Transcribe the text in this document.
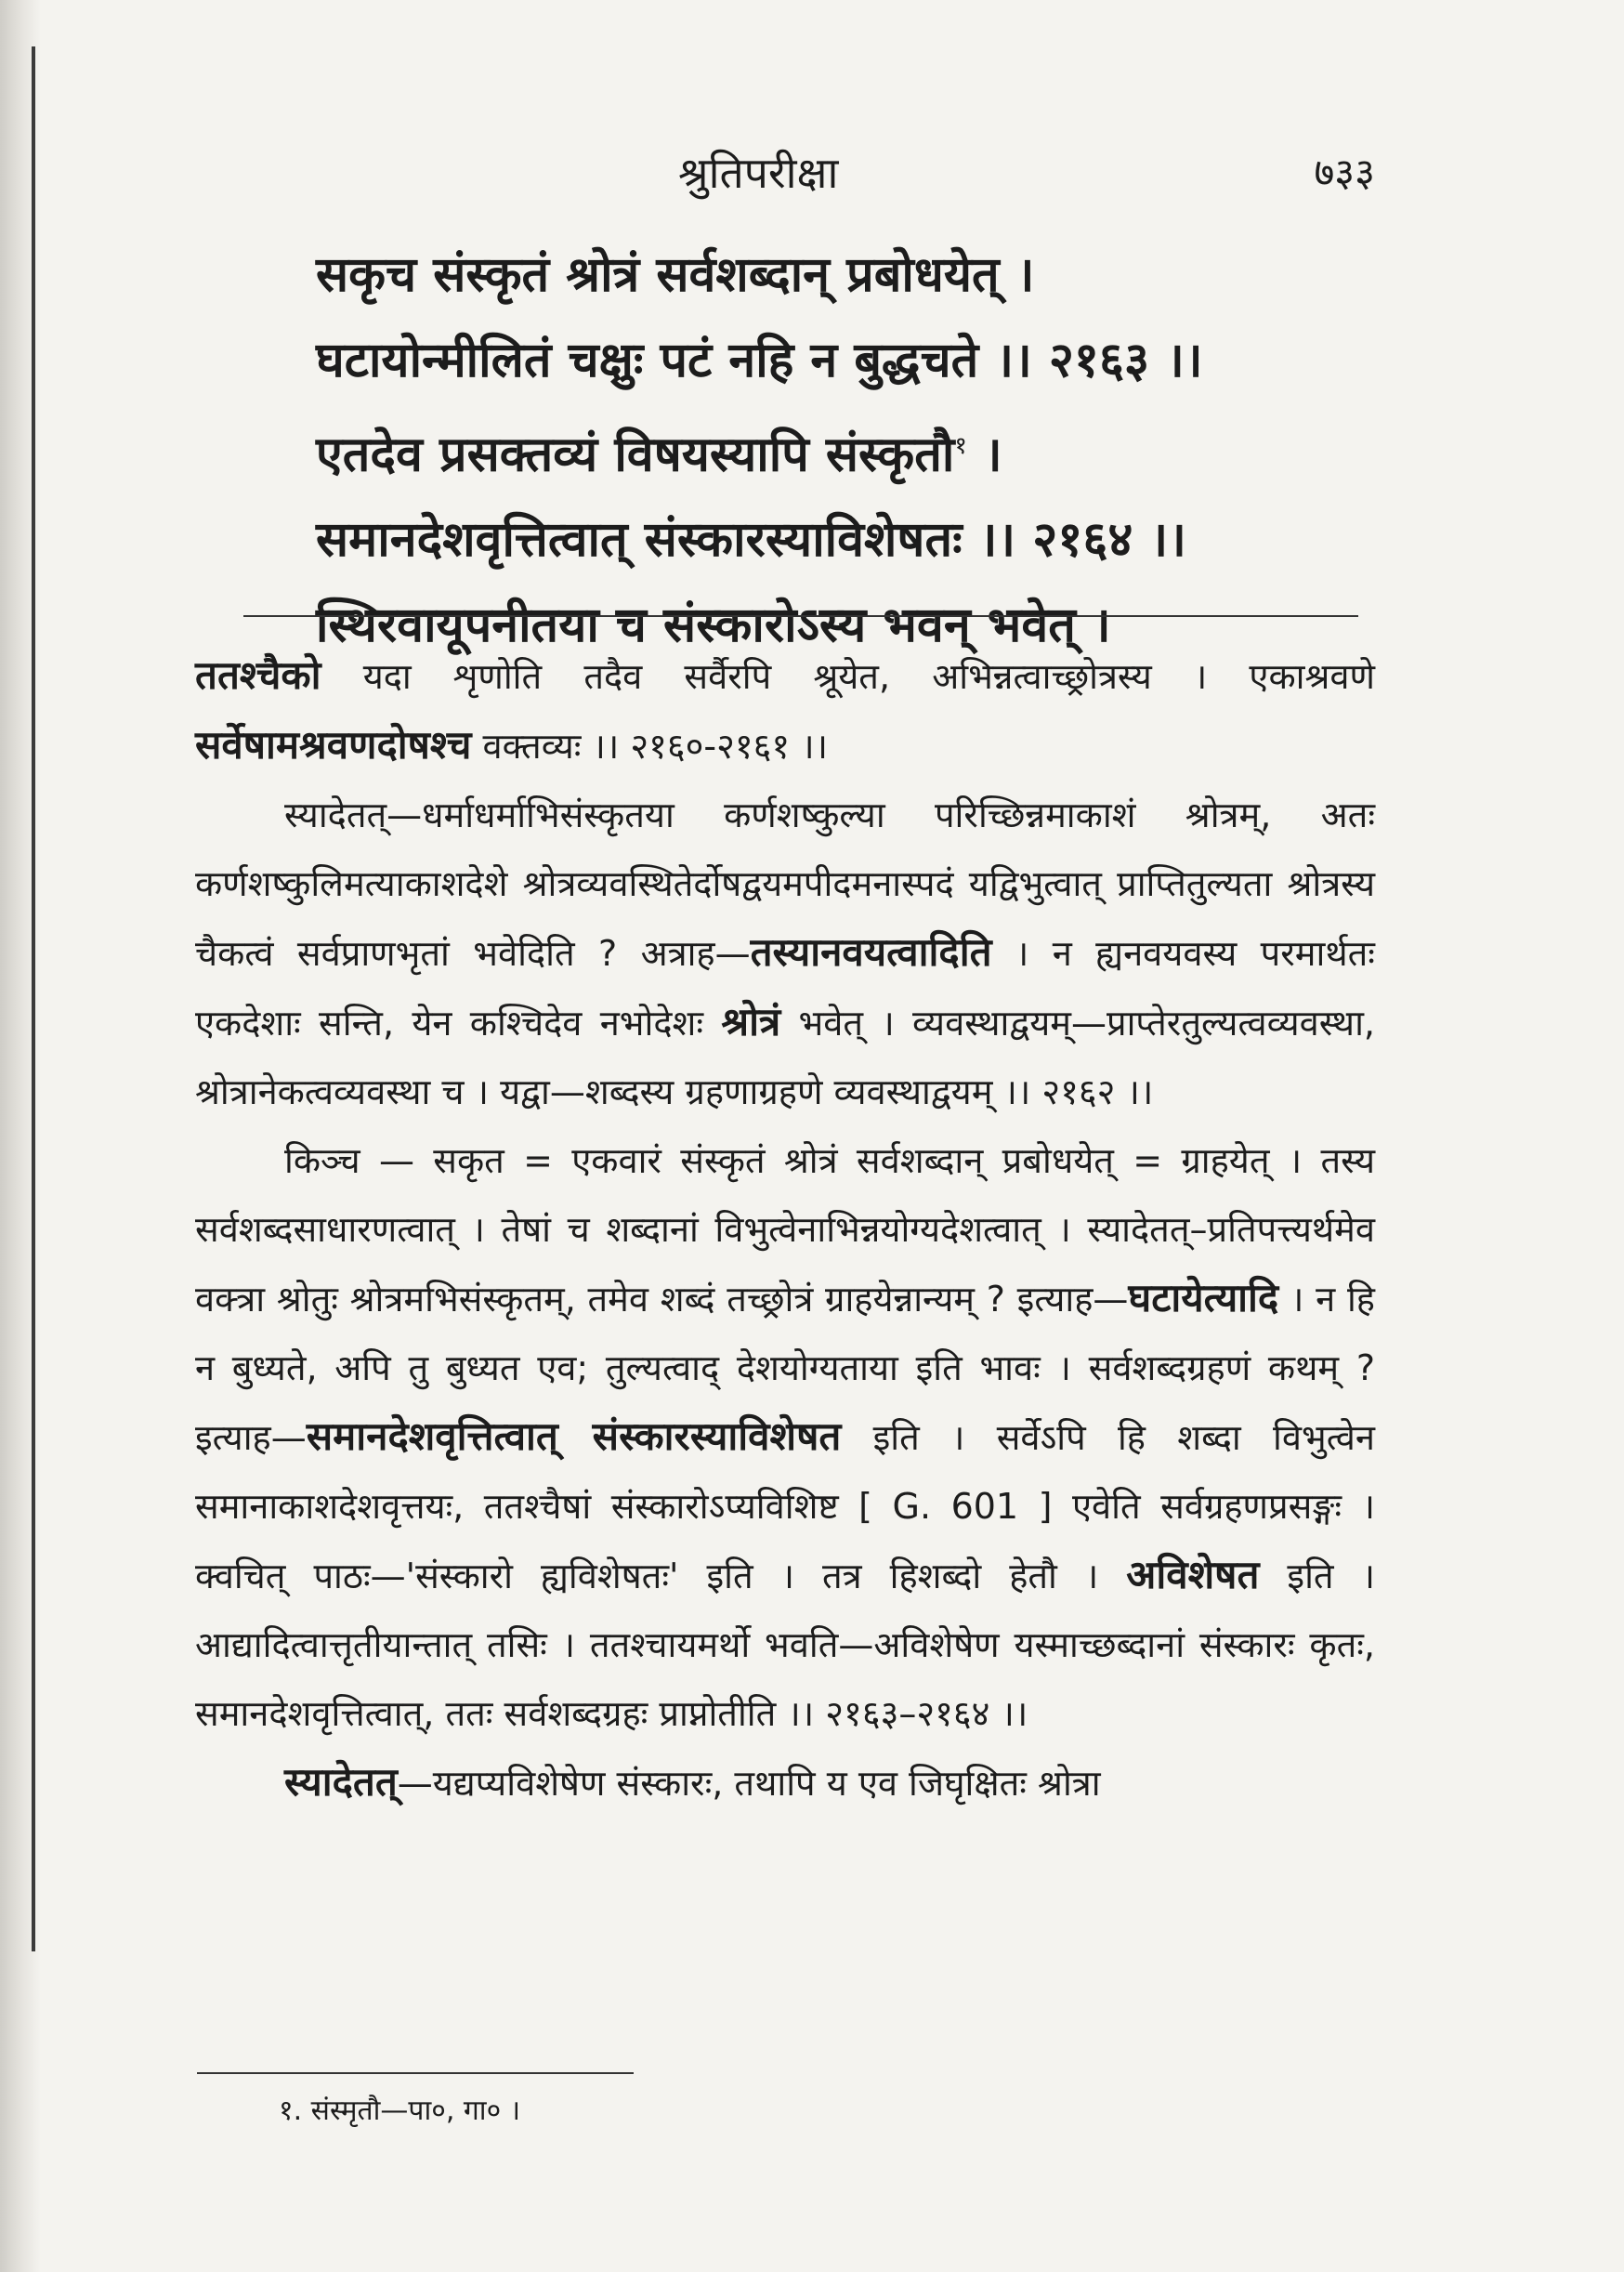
श्रुतिपरीक्षा	७३३
सकृच संस्कृतं श्रोत्रं सर्वशब्दान् प्रबोधयेत् ।
घटायोन्मीलितं चक्षुः पटं नहि न बुद्धचते ।। २१६३ ।।
एतदेव प्रसक्तव्यं विषयस्यापि संस्कृतौ$^१$ ।
समानदेशवृत्तित्वात् संस्कारस्याविशेषतः ।। २१६४ ।।
स्थिरवायूपनीतया च संस्कारोऽस्य भवन् भवेत् ।

ततश्चैको यदा शृणोति तदैव सर्वैरपि श्रूयेत, अभिन्नत्वाच्छ्रोत्रस्य । एकाश्रवणे सर्वेषामश्रवणदोषश्च वक्तव्यः ।। २१६०-२१६१ ।।

स्यादेतत्—धर्माधर्माभिसंस्कृतया कर्णशष्कुल्या परिच्छिन्नमाकाशं श्रोत्रम्, अतः कर्णशष्कुलिमत्याकाशदेशे श्रोत्रव्यवस्थितेर्दोषद्वयमपीदमनास्पदं यद्विभुत्वात् प्राप्तितुल्यता श्रोत्रस्य चैकत्वं सर्वप्राणभृतां भवेदिति ? अत्राह—तस्यानवयत्वादिति । न ह्यनवयवस्य परमार्थतः एकदेशाः सन्ति, येन कश्चिदेव नभोदेशः श्रोत्रं भवेत् । व्यवस्थाद्वयम्—प्राप्तेरतुल्यत्वव्यवस्था, श्रोत्रानेकत्वव्यवस्था च । यद्वा—शब्दस्य ग्रहणाग्रहणे व्यवस्थाद्वयम् ।। २१६२ ।।

किञ्च — सकृत = एकवारं संस्कृतं श्रोत्रं सर्वशब्दान् प्रबोधयेत् = ग्राहयेत् । तस्य सर्वशब्दसाधारणत्वात् । तेषां च शब्दानां विभुत्वेनाभिन्नयोग्यदेशत्वात् । स्यादेतत्–प्रतिपत्त्यर्थमेव वक्त्रा श्रोतुः श्रोत्रमभिसंस्कृतम्, तमेव शब्दं तच्छ्रोत्रं ग्राहयेन्नान्यम् ? इत्याह—घटायेत्यादि । न हि न बुध्यते, अपि तु बुध्यत एव; तुल्यत्वाद् देशयोग्यताया इति भावः । सर्वशब्दग्रहणं कथम् ? इत्याह—समानदेशवृत्तित्वात् संस्कारस्याविशेषत इति । सर्वेऽपि हि शब्दा विभुत्वेन समानाकाशदेशवृत्तयः, ततश्चैषां संस्कारोऽप्यविशिष्ट [ G. 601 ] एवेति सर्वग्रहणप्रसङ्गः । क्वचित् पाठः—'संस्कारो ह्यविशेषतः' इति । तत्र हिशब्दो हेतौ । अविशेषत इति । आद्यादित्वात्तृतीयान्तात् तसिः । ततश्चायमर्थो भवति—अविशेषेण यस्माच्छब्दानां संस्कारः कृतः, समानदेशवृत्तित्वात्, ततः सर्वशब्दग्रहः प्राप्नोतीति ।। २१६३–२१६४ ।।

स्यादेतत्—यद्यप्यविशेषेण संस्कारः, तथापि य एव जिघृक्षितः श्रोत्रा

१. संस्मृतौ—पा०, गा० ।
